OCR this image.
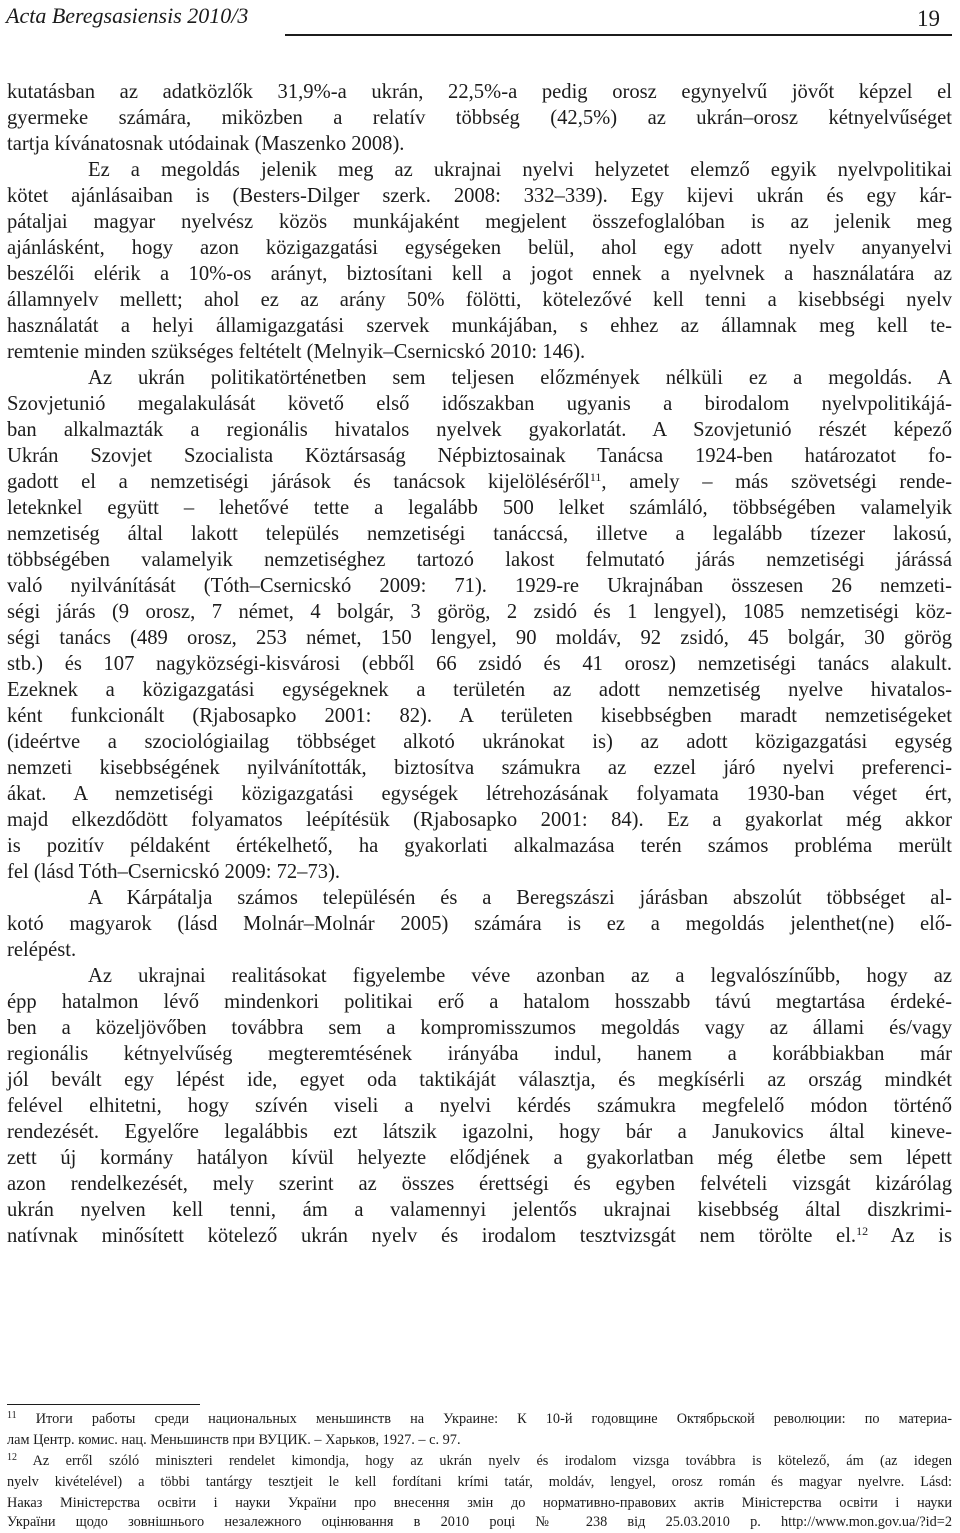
Acta Beregsasiensis 2010/3	19
kutatásban az adatközlők 31,9%-a ukrán, 22,5%-a pedig orosz egynyelvű jövőt képzel el
gyermeke számára, miközben a relatív többség (42,5%) az ukrán–orosz kétnyelvűséget
tartja kívánatosnak utódainak (Maszenko 2008).
Ez a megoldás jelenik meg az ukrajnai nyelvi helyzetet elemző egyik nyelvpolitikai
kötet ajánlásaiban is (Besters-Dilger szerk. 2008: 332–339). Egy kijevi ukrán és egy kár-
pátaljai magyar nyelvész közös munkájaként megjelent összefoglalóban is az jelenik meg
ajánlásként, hogy azon közigazgatási egységeken belül, ahol egy adott nyelv anyanyelvi
beszélői elérik a 10%-os arányt, biztosítani kell a jogot ennek a nyelvnek a használatára az
államnyelv mellett; ahol ez az arány 50% fölötti, kötelezővé kell tenni a kisebbségi nyelv
használatát a helyi államigazgatási szervek munkájában, s ehhez az államnak meg kell te-
remtenie minden szükséges feltételt (Melnyik–Csernicskó 2010: 146).
Az ukrán politikatörténetben sem teljesen előzmények nélküli ez a megoldás. A
Szovjetunió megalakulását követő első időszakban ugyanis a birodalom nyelvpolitikájá-
ban alkalmazták a regionális hivatalos nyelvek gyakorlatát. A Szovjetunió részét képező
Ukrán Szovjet Szocialista Köztársaság Népbiztosainak Tanácsa 1924-ben határozatot fo-
gadott el a nemzetiségi járások és tanácsok kijelöléséről$^{11}$, amely – más szövetségi rende-
leteknkel együtt – lehetővé tette a legalább 500 lelket számláló, többségében valamelyik
nemzetiség által lakott település nemzetiségi tanáccsá, illetve a legalább tízezer lakosú,
többségében valamelyik nemzetiséghez tartozó lakost felmutató járás nemzetiségi járássá
való nyilvánítását (Tóth–Csernicskó 2009: 71). 1929-re Ukrajnában összesen 26 nemzeti-
ségi járás (9 orosz, 7 német, 4 bolgár, 3 görög, 2 zsidó és 1 lengyel), 1085 nemzetiségi köz-
ségi tanács (489 orosz, 253 német, 150 lengyel, 90 moldáv, 92 zsidó, 45 bolgár, 30 görög
stb.) és 107 nagyközségi-kisvárosi (ebből 66 zsidó és 41 orosz) nemzetiségi tanács alakult.
Ezeknek a közigazgatási egységeknek a területén az adott nemzetiség nyelve hivatalos-
ként funkcionált (Rjabosapko 2001: 82). A területen kisebbségben maradt nemzetiségeket
(ideértve a szociológiailag többséget alkotó ukránokat is) az adott közigazgatási egység
nemzeti kisebbségének nyilvánították, biztosítva számukra az ezzel járó nyelvi preferenci-
ákat. A nemzetiségi közigazgatási egységek létrehozásának folyamata 1930-ban véget ért,
majd elkezdődött folyamatos leépítésük (Rjabosapko 2001: 84). Ez a gyakorlat még akkor
is pozitív példaként értékelhető, ha gyakorlati alkalmazása terén számos probléma merült
fel (lásd Tóth–Csernicskó 2009: 72–73).
A Kárpátalja számos településén és a Beregszászi járásban abszolút többséget al-
kotó magyarok (lásd Molnár–Molnár 2005) számára is ez a megoldás jelenthet(ne) elő-
relépést.
Az ukrajnai realitásokat figyelembe véve azonban az a legvalószínűbb, hogy az
épp hatalmon lévő mindenkori politikai erő a hatalom hosszabb távú megtartása érdeké-
ben a közeljövőben továbbra sem a kompromisszumos megoldás vagy az állami és/vagy
regionális kétnyelvűség megteremtésének irányába indul, hanem a korábbiakban már
jól bevált egy lépést ide, egyet oda taktikáját választja, és megkísérli az ország mindkét
felével elhitetni, hogy szívén viseli a nyelvi kérdés számukra megfelelő módon történő
rendezését. Egyelőre legalábbis ezt látszik igazolni, hogy bár a Janukovics által kineve-
zett új kormány hatályon kívül helyezte elődjének a gyakorlatban még életbe sem lépett
azon rendelkezését, mely szerint az összes érettségi és egyben felvételi vizsgát kizárólag
ukrán nyelven kell tenni, ám a valamennyi jelentős ukrajnai kisebbség által diszkrimi-
natívnak minősített kötelező ukrán nyelv és irodalom tesztvizsgát nem törölte el.$^{12}$ Az is
$^{11}$ Итоги работы среди национальных меньшинств на Украине: К 10-й годовщине Октябрьской революции: по материа-
лам Центр. комис. нац. Меньшинств при ВУЦИК. – Харьков, 1927. – с. 97.
$^{12}$ Az erről szóló miniszteri rendelet kimondja, hogy az ukrán nyelv és irodalom vizsga továbbra is kötelező, ám (az idegen
nyelv kivételével) a többi tantárgy tesztjeit le kell fordítani krími tatár, moldáv, lengyel, orosz román és magyar nyelvre. Lásd:
Наказ Міністерства освіти і науки України про внесення змін до нормативно-правових актів Міністерства освіти і науки
України щодо зовнішнього незалежного оцінювання в 2010 році № 238 від 25.03.2010 р. http://www.mon.gov.ua/?id=2
